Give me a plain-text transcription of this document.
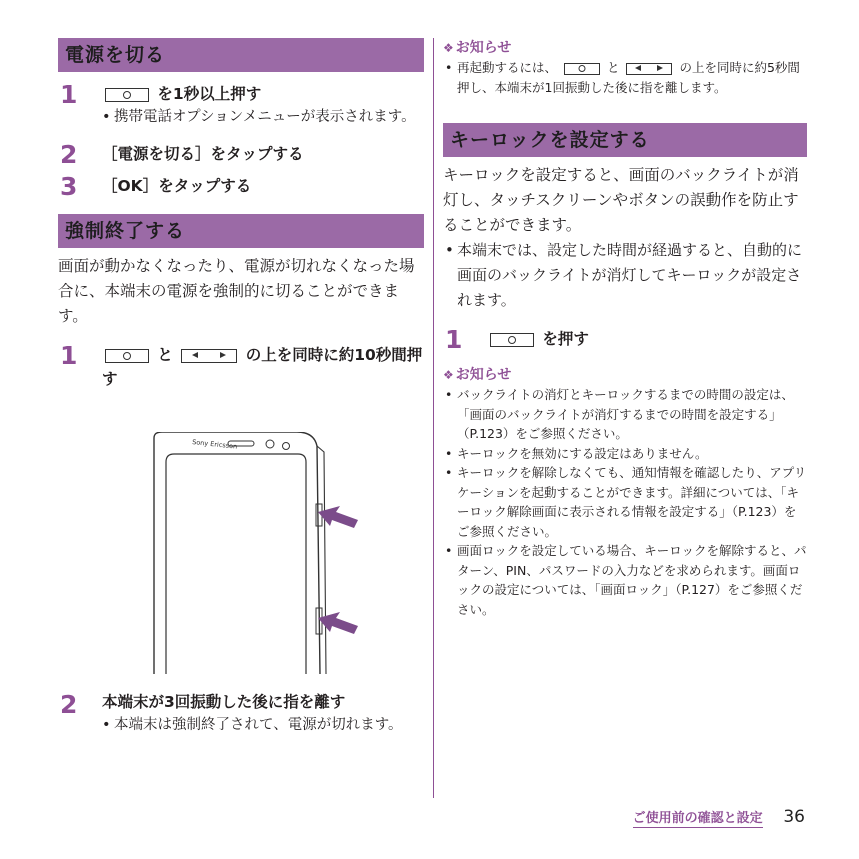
電源を切る
1	を1秒以上押す
• 携帯電話オプションメニューが表示されます。
2 ［電源を切る］をタップする
3 ［OK］をタップする
強制終了する
画面が動かなくなったり、電源が切れなくなった場合に、本端末の電源を強制的に切ることができます。
1	と	の上を同時に約10秒間押す
Sony Ericsson
2 本端末が3回振動した後に指を離す
• 本端末は強制終了されて、電源が切れます。
❖ お知らせ
• 再起動するには、	と	の上を同時に約5秒間押し、本端末が1回振動した後に指を離します。
キーロックを設定する
キーロックを設定すると、画面のバックライトが消灯し、タッチスクリーンやボタンの誤動作を防止することができます。
• 本端末では、設定した時間が経過すると、自動的に画面のバックライトが消灯してキーロックが設定されます。
1	を押す
❖ お知らせ
• バックライトの消灯とキーロックするまでの時間の設定は、「画面のバックライトが消灯するまでの時間を設定する」（P.123）をご参照ください。
• キーロックを無効にする設定はありません。
• キーロックを解除しなくても、通知情報を確認したり、アプリケーションを起動することができます。詳細については、「キーロック解除画面に表示される情報を設定する」（P.123）をご参照ください。
• 画面ロックを設定している場合、キーロックを解除すると、パターン、PIN、パスワードの入力などを求められます。画面ロックの設定については、「画面ロック」（P.127）をご参照ください。
ご使用前の確認と設定 36
